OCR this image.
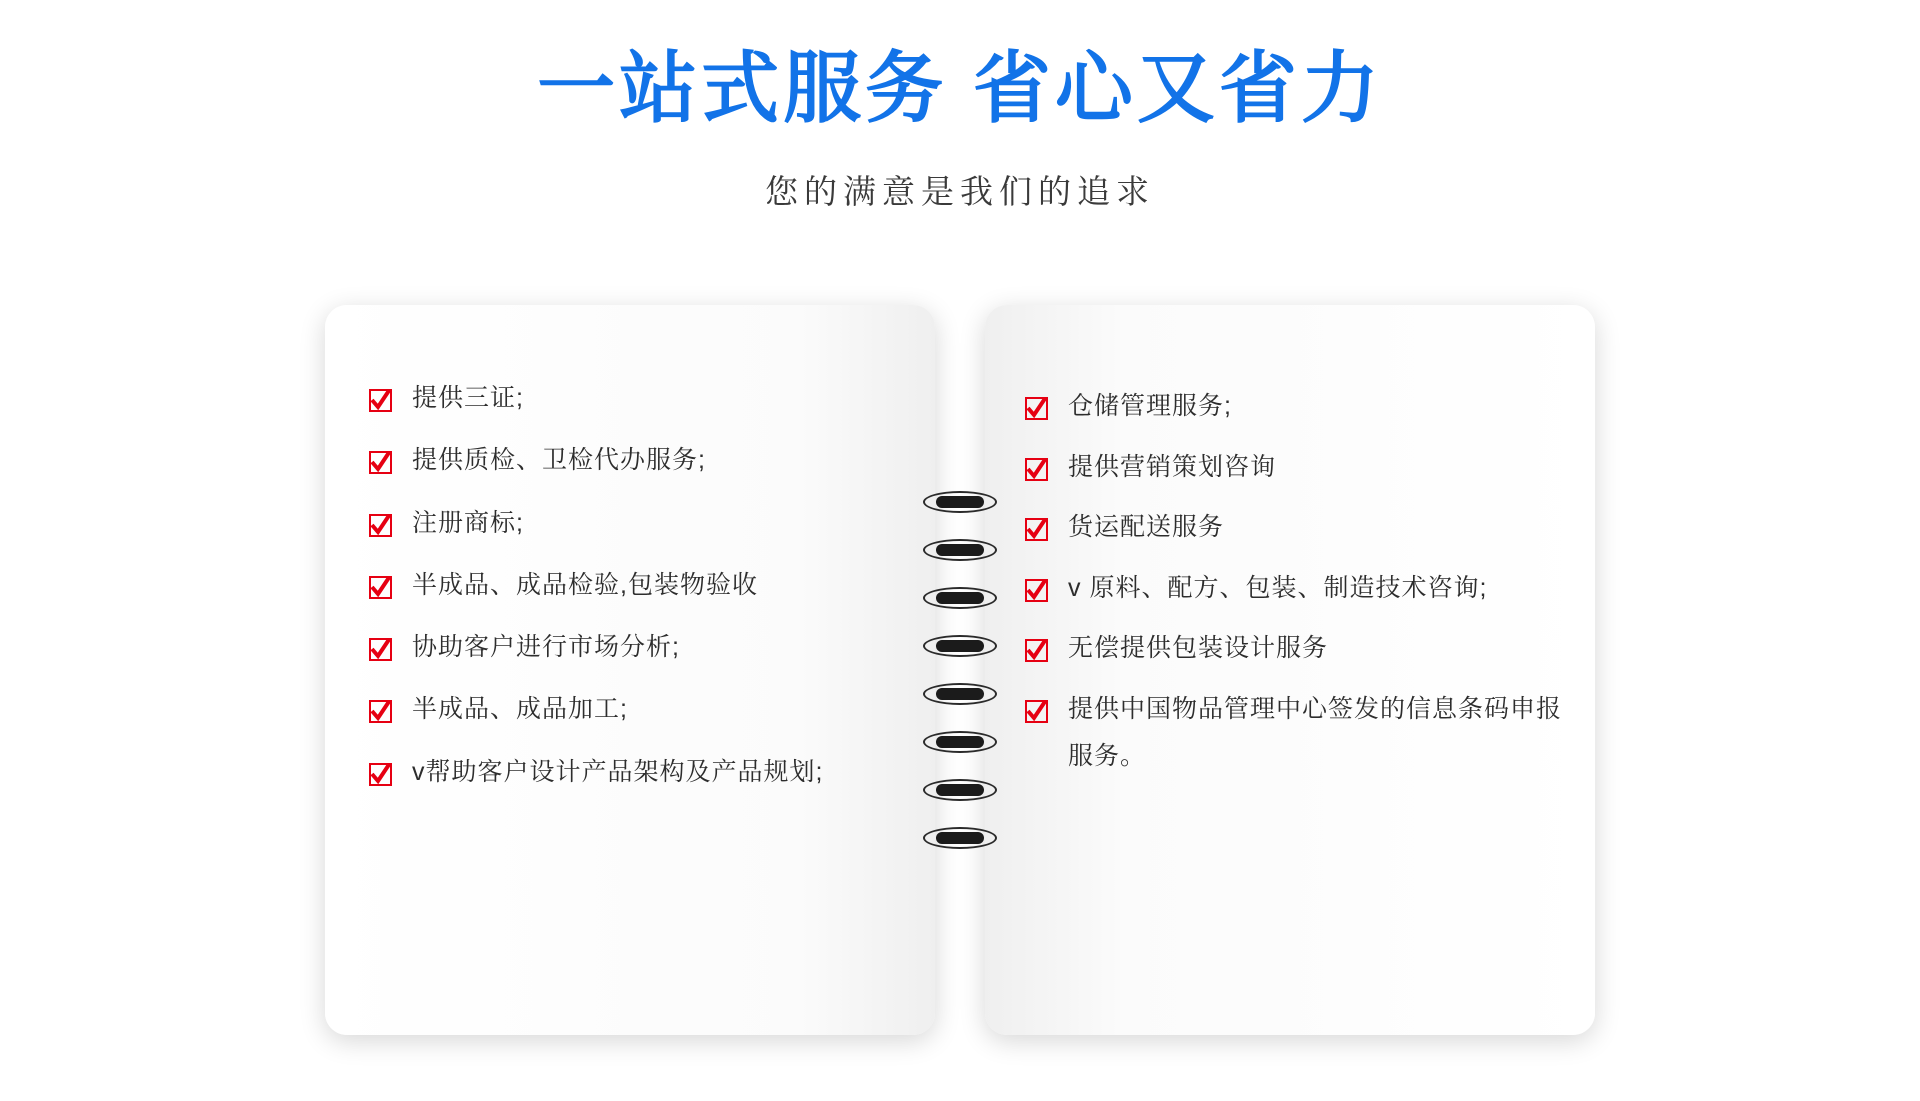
一站式服务 省心又省力

您的满意是我们的追求

提供三证;
提供质检、卫检代办服务;
注册商标;
半成品、成品检验,包装物验收
协助客户进行市场分析;
半成品、成品加工;
v帮助客户设计产品架构及产品规划;
仓储管理服务;
提供营销策划咨询
货运配送服务
v 原料、配方、包装、制造技术咨询;
无偿提供包装设计服务
提供中国物品管理中心签发的信息条码申报服务。
